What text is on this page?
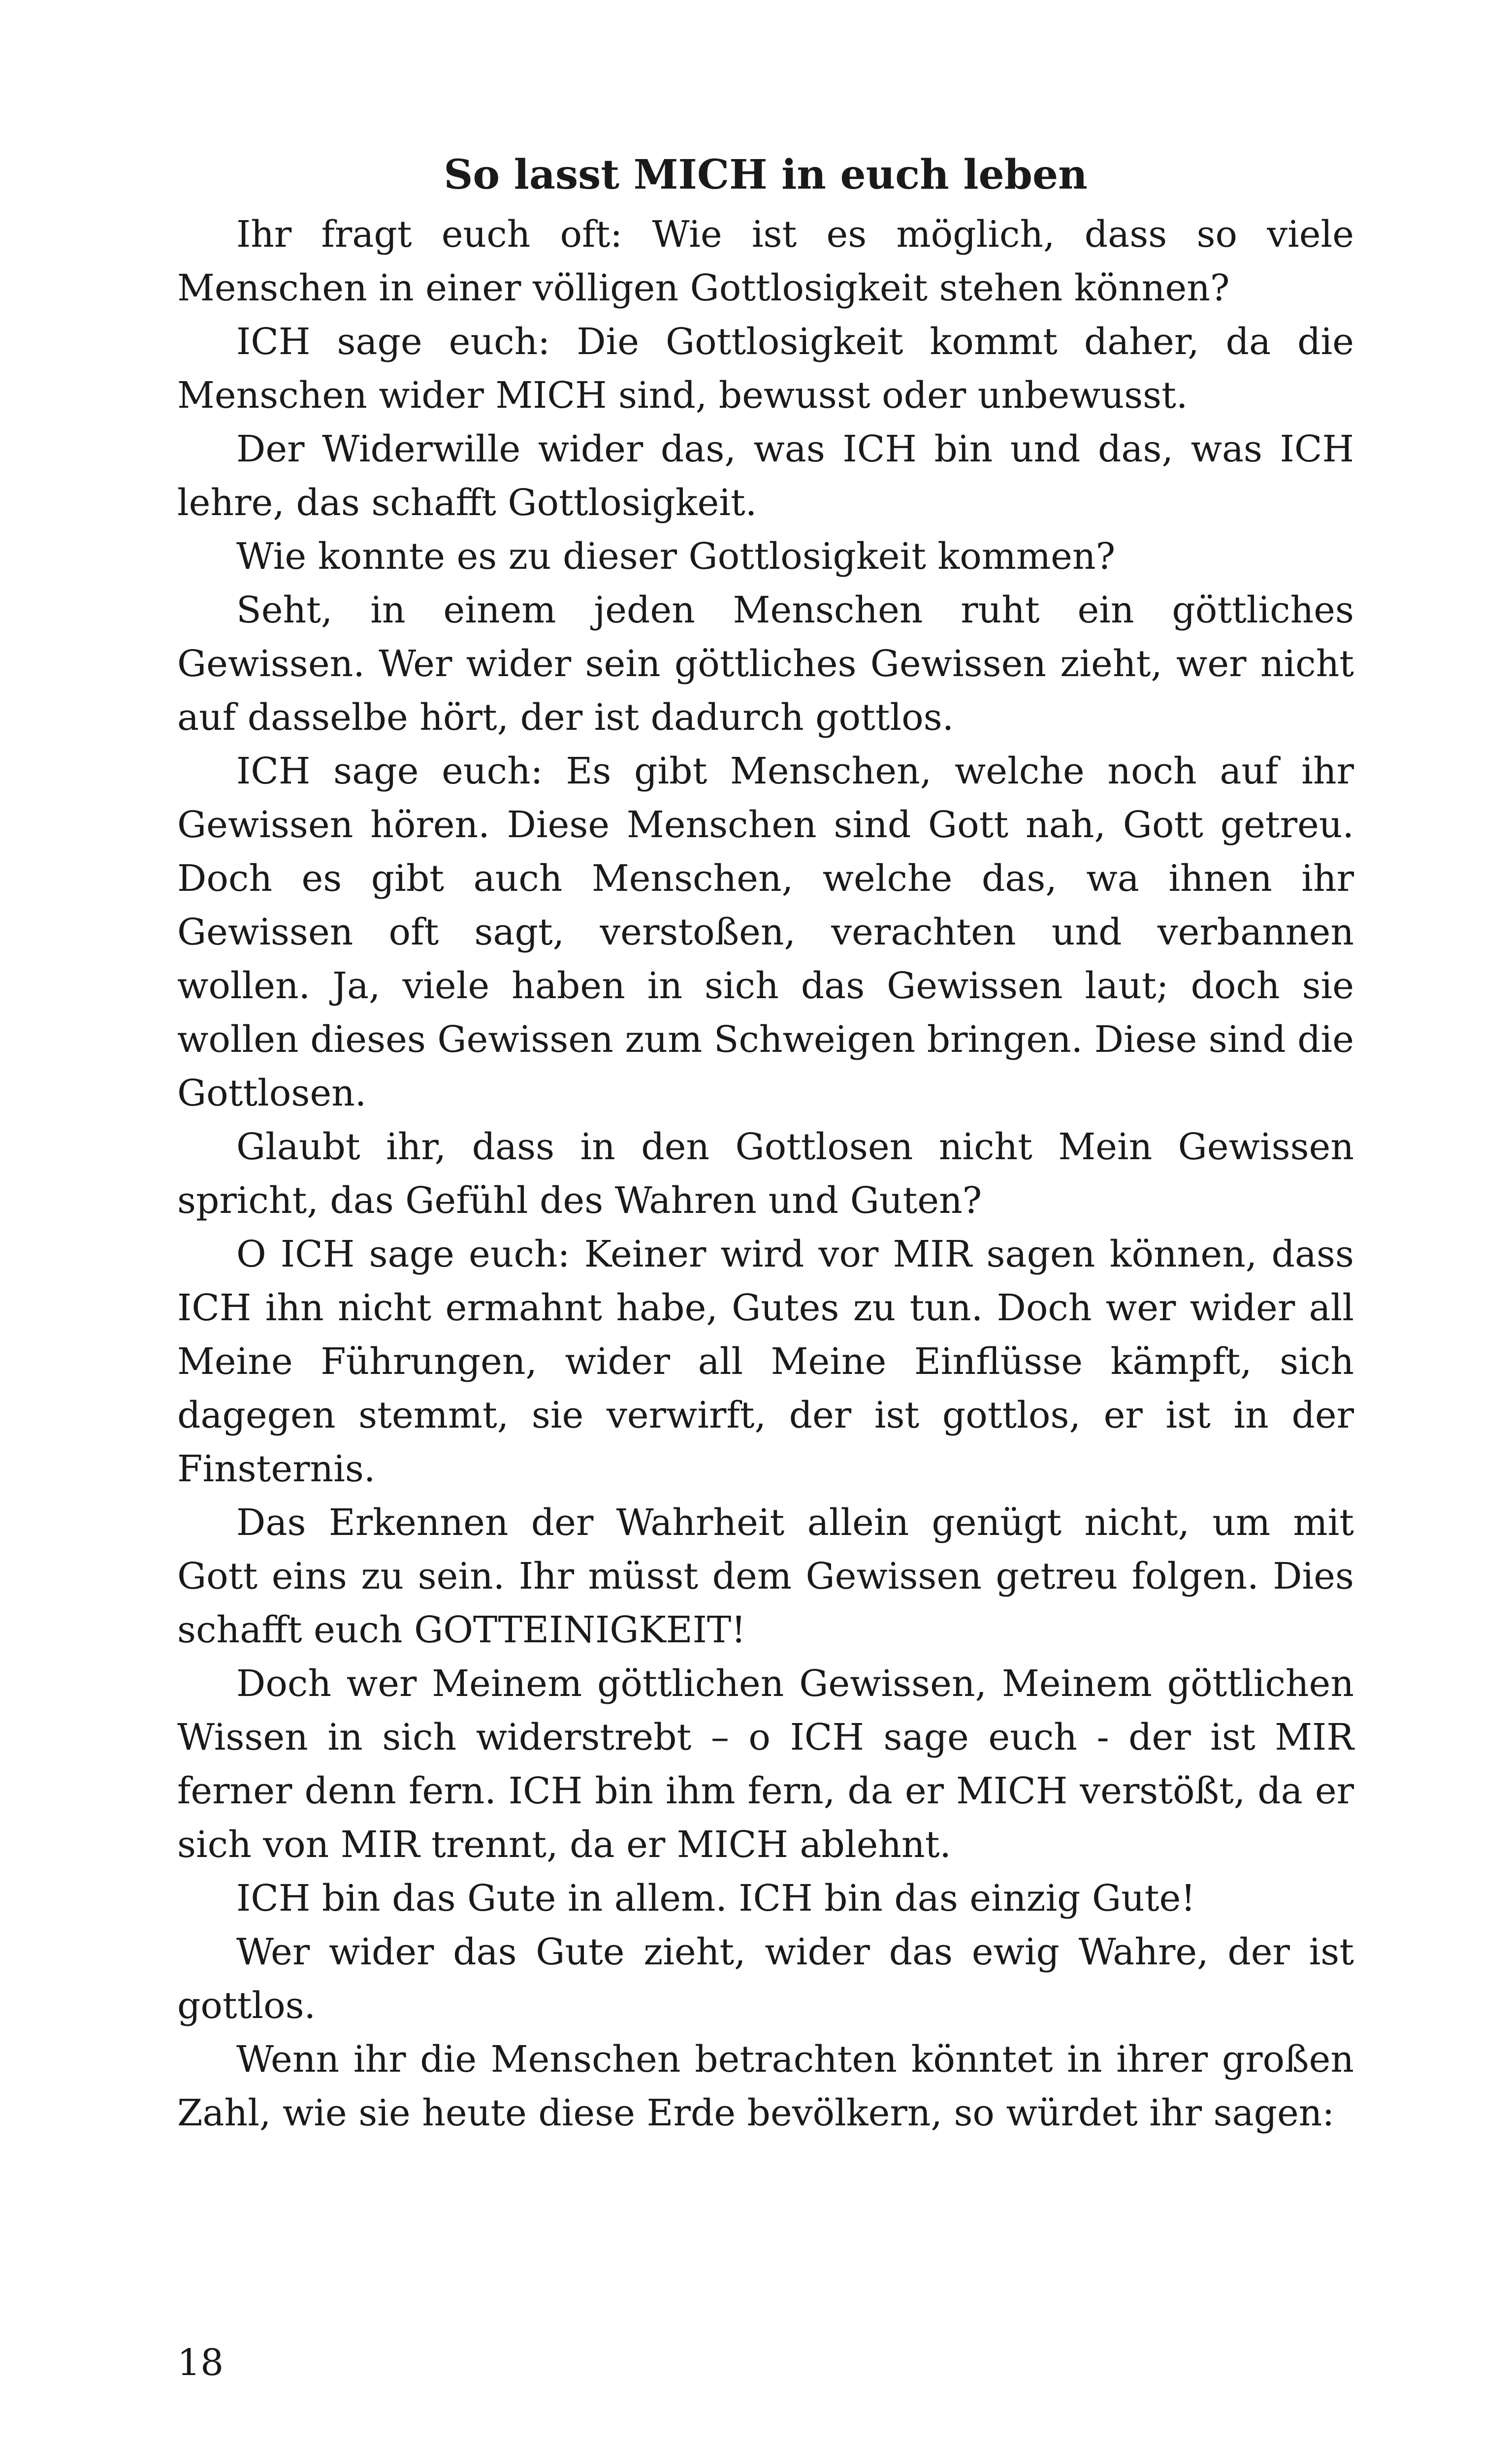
So lasst MICH in euch leben

Ihr fragt euch oft: Wie ist es möglich, dass so viele Menschen in einer völligen Gottlosigkeit stehen können?

ICH sage euch: Die Gottlosigkeit kommt daher, da die Menschen wider MICH sind, bewusst oder unbewusst.

Der Widerwille wider das, was ICH bin und das, was ICH lehre, das schafft Gottlosigkeit.

Wie konnte es zu dieser Gottlosigkeit kommen?

Seht, in einem jeden Menschen ruht ein göttliches Gewissen. Wer wider sein göttliches Gewissen zieht, wer nicht auf dasselbe hört, der ist dadurch gottlos.

ICH sage euch: Es gibt Menschen, welche noch auf ihr Gewissen hören. Diese Menschen sind Gott nah, Gott getreu. Doch es gibt auch Menschen, welche das, wa ihnen ihr Gewissen oft sagt, verstoßen, verachten und verbannen wollen. Ja, viele haben in sich das Gewissen laut; doch sie wollen dieses Gewissen zum Schweigen bringen. Diese sind die Gottlosen.

Glaubt ihr, dass in den Gottlosen nicht Mein Gewissen spricht, das Gefühl des Wahren und Guten?

O ICH sage euch: Keiner wird vor MIR sagen können, dass ICH ihn nicht ermahnt habe, Gutes zu tun. Doch wer wider all Meine Führungen, wider all Meine Einflüsse kämpft, sich dagegen stemmt, sie verwirft, der ist gottlos, er ist in der Finsternis.

Das Erkennen der Wahrheit allein genügt nicht, um mit Gott eins zu sein. Ihr müsst dem Gewissen getreu folgen. Dies schafft euch GOTTEINIGKEIT!

Doch wer Meinem göttlichen Gewissen, Meinem göttlichen Wissen in sich widerstrebt – o ICH sage euch - der ist MIR ferner denn fern. ICH bin ihm fern, da er MICH verstößt, da er sich von MIR trennt, da er MICH ablehnt.

ICH bin das Gute in allem. ICH bin das einzig Gute!

Wer wider das Gute zieht, wider das ewig Wahre, der ist gottlos.

Wenn ihr die Menschen betrachten könntet in ihrer großen Zahl, wie sie heute diese Erde bevölkern, so würdet ihr sagen:

18
